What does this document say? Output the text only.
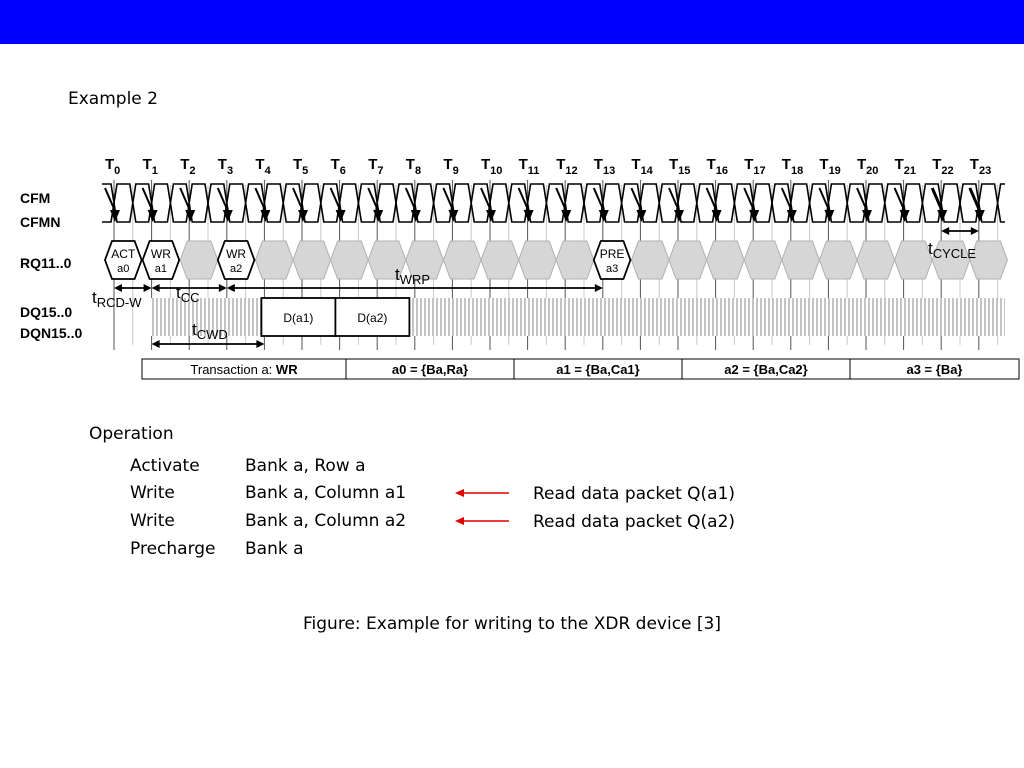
Example 2
$T_0$ $T_1$ $T_2$ $T_3$ $T_4$ $T_5$ $T_6$ $T_7$ $T_8$ $T_9$ $T_{10}$ $T_{11}$ $T_{12}$ $T_{13}$ $T_{14}$ $T_{15}$ $T_{16}$ $T_{17}$ $T_{18}$ $T_{19}$ $T_{20}$ $T_{21}$ $T_{22}$ $T_{23}$
CFM
CFMN
RQ11..0
DQ15..0
DQN15..0
ACT
a0
WR
a1
WR
a2
PRE
a3
D(a1)	D(a2)
$t_{RCD-W}$
$t_{CC}$
$t_{WRP}$
$t_{CWD}$
$t_{CYCLE}$
Transaction a: WR	a0 = {Ba,Ra}	a1 = {Ba,Ca1}	a2 = {Ba,Ca2}	a3 = {Ba}
Operation
Activate	Bank a, Row a
Write	Bank a, Column a1	Read data packet Q(a1)
Write	Bank a, Column a2	Read data packet Q(a2)
Precharge Bank a
Figure: Example for writing to the XDR device [3]
